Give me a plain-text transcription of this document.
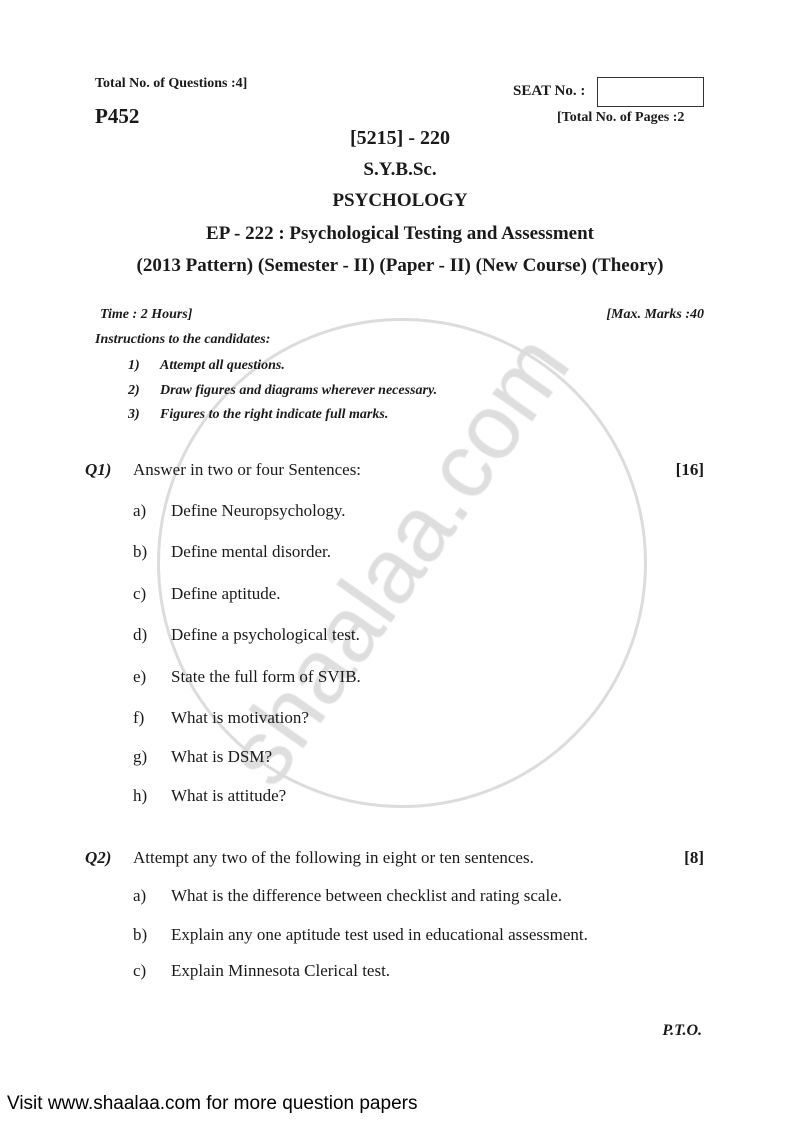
Total No. of Questions :4]	SEAT No. :
P452	[Total No. of Pages :2
[5215] - 220
S.Y.B.Sc.
PSYCHOLOGY
EP - 222 : Psychological Testing and Assessment
(2013 Pattern) (Semester - II) (Paper - II) (New Course) (Theory)
Time : 2 Hours]	[Max. Marks :40
Instructions to the candidates:
1) Attempt all questions.
2) Draw figures and diagrams wherever necessary.
3) Figures to the right indicate full marks.
Q1) Answer in two or four Sentences:	[16]
a) Define Neuropsychology.
b) Define mental disorder.
c) Define aptitude.
d) Define a psychological test.
e) State the full form of SVIB.
f) What is motivation?
g) What is DSM?
h) What is attitude?
Q2) Attempt any two of the following in eight or ten sentences.	[8]
a) What is the difference between checklist and rating scale.
b) Explain any one aptitude test used in educational assessment.
c) Explain Minnesota Clerical test.
P.T.O.
Visit www.shaalaa.com for more question papers
